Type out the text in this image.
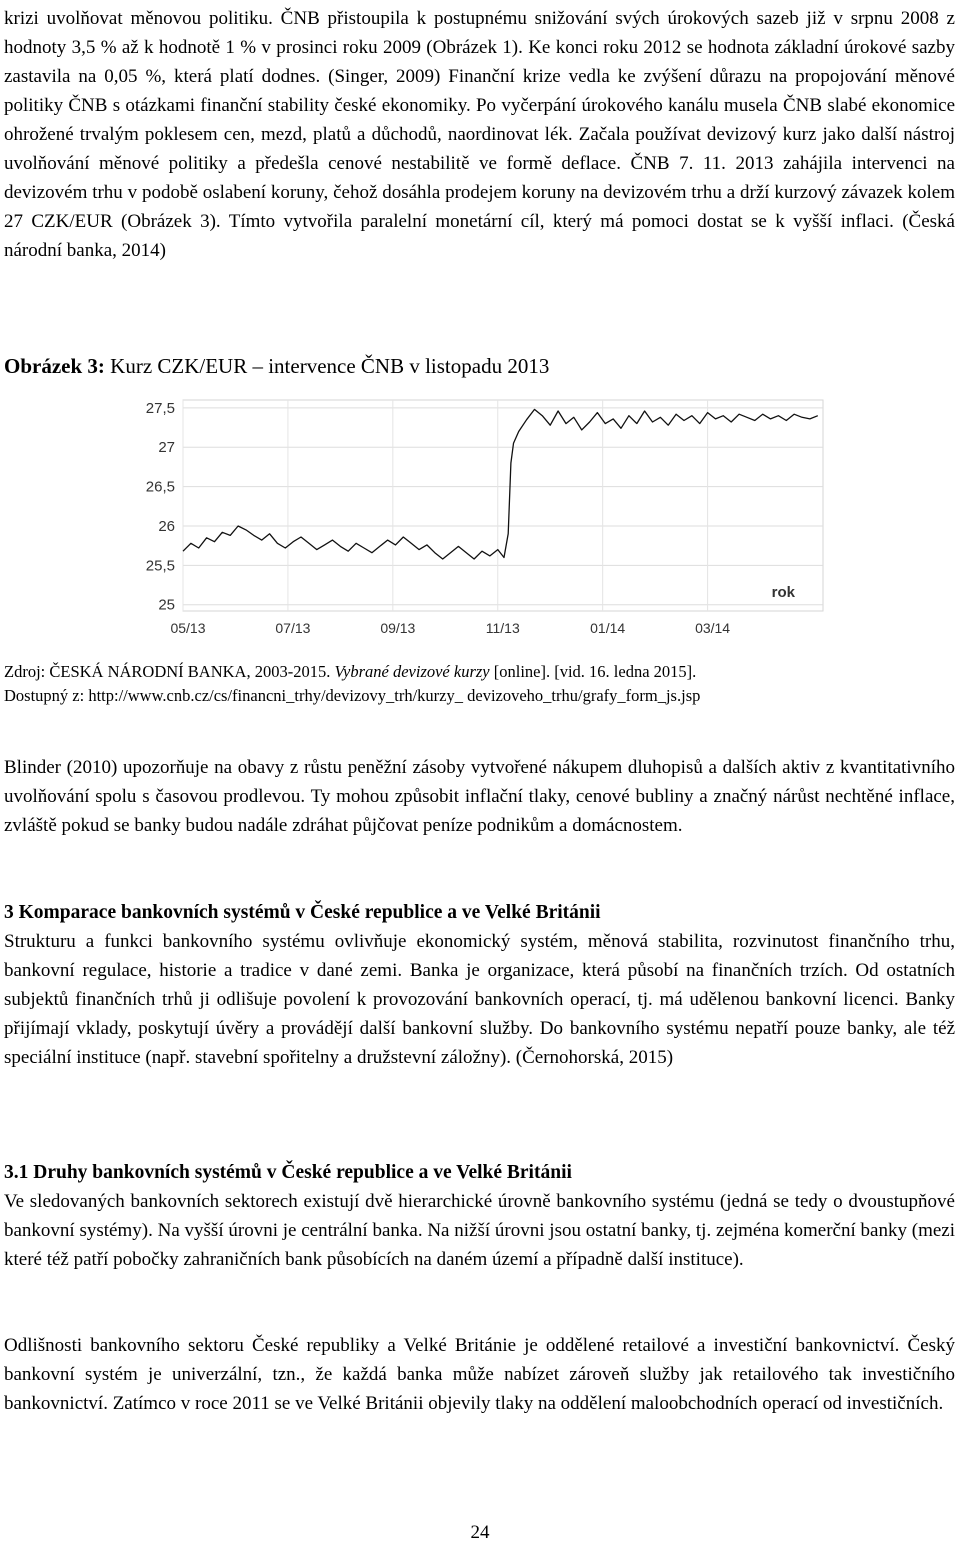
krizi uvolňovat měnovou politiku. ČNB přistoupila k postupnému snižování svých úrokových sazeb již v srpnu 2008 z hodnoty 3,5 % až k hodnotě 1 % v prosinci roku 2009 (Obrázek 1). Ke konci roku 2012 se hodnota základní úrokové sazby zastavila na 0,05 %, která platí dodnes. (Singer, 2009) Finanční krize vedla ke zvýšení důrazu na propojování měnové politiky ČNB s otázkami finanční stability české ekonomiky. Po vyčerpání úrokového kanálu musela ČNB slabé ekonomice ohrožené trvalým poklesem cen, mezd, platů a důchodů, naordinovat lék. Začala používat devizový kurz jako další nástroj uvolňování měnové politiky a předešla cenové nestabilitě ve formě deflace. ČNB 7. 11. 2013 zahájila intervenci na devizovém trhu v podobě oslabení koruny, čehož dosáhla prodejem koruny na devizovém trhu a drží kurzový závazek kolem 27 CZK/EUR (Obrázek 3). Tímto vytvořila paralelní monetární cíl, který má pomoci dostat se k vyšší inflaci. (Česká národní banka, 2014)

Obrázek 3: Kurz CZK/EUR – intervence ČNB v listopadu 2013

25
25,5
26
26,5
27
27,5
05/13	07/13	09/13	11/13	01/14	03/14
rok
Zdroj: ČESKÁ NÁRODNÍ BANKA, 2003-2015. Vybrané devizové kurzy [online]. [vid. 16. ledna 2015].
Dostupný z: http://www.cnb.cz/cs/financni_trhy/devizovy_trh/kurzy_ devizoveho_trhu/grafy_form_js.jsp

Blinder (2010) upozorňuje na obavy z růstu peněžní zásoby vytvořené nákupem dluhopisů a dalších aktiv z kvantitativního uvolňování spolu s časovou prodlevou. Ty mohou způsobit inflační tlaky, cenové bubliny a značný nárůst nechtěné inflace, zvláště pokud se banky budou nadále zdráhat půjčovat peníze podnikům a domácnostem.

3 Komparace bankovních systémů v České republice a ve Velké Británii

Strukturu a funkci bankovního systému ovlivňuje ekonomický systém, měnová stabilita, rozvinutost finančního trhu, bankovní regulace, historie a tradice v dané zemi. Banka je organizace, která působí na finančních trzích. Od ostatních subjektů finančních trhů ji odlišuje povolení k provozování bankovních operací, tj. má udělenou bankovní licenci. Banky přijímají vklady, poskytují úvěry a provádějí další bankovní služby. Do bankovního systému nepatří pouze banky, ale též speciální instituce (např. stavební spořitelny a družstevní záložny). (Černohorská, 2015)

3.1 Druhy bankovních systémů v České republice a ve Velké Británii

Ve sledovaných bankovních sektorech existují dvě hierarchické úrovně bankovního systému (jedná se tedy o dvoustupňové bankovní systémy). Na vyšší úrovni je centrální banka. Na nižší úrovni jsou ostatní banky, tj. zejména komerční banky (mezi které též patří pobočky zahraničních bank působících na daném území a případně další instituce).

Odlišnosti bankovního sektoru České republiky a Velké Británie je oddělené retailové a investiční bankovnictví. Český bankovní systém je univerzální, tzn., že každá banka může nabízet zároveň služby jak retailového tak investičního bankovnictví. Zatímco v roce 2011 se ve Velké Británii objevily tlaky na oddělení maloobchodních operací od investičních.

24
